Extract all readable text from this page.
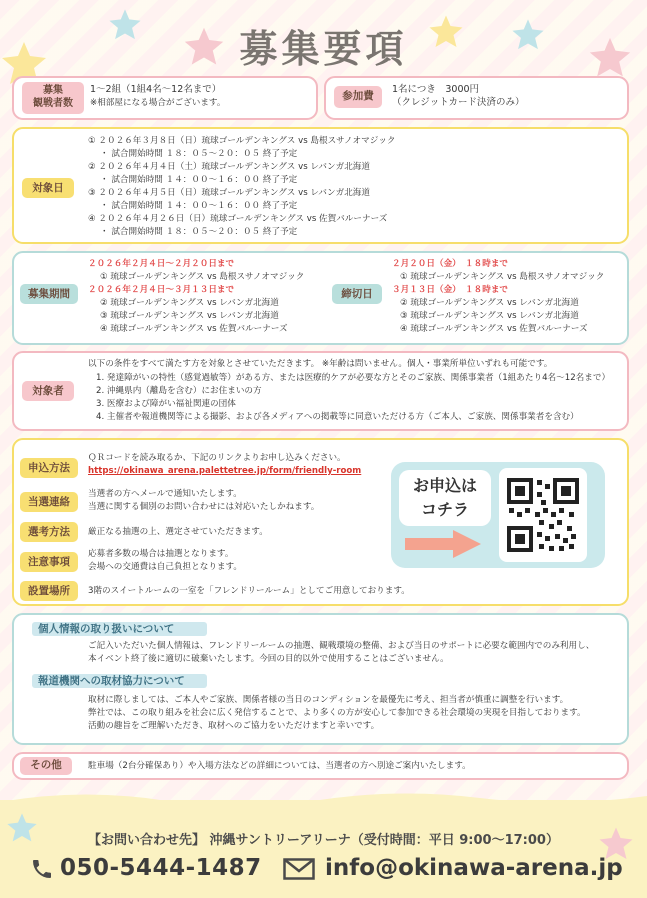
募集要項
募集
観戦者数
1～2組（1組4名～12名まで）
※相部屋になる場合がございます。
参加費
1名につき　3000円
（クレジットカード決済のみ）
対象日
① ２０２６年３月８日（日）琉球ゴールデンキングス vs 島根スサノオマジック
・ 試合開始時間 １８：０５～２０：０５ 終了予定
② ２０２６年４月４日（土）琉球ゴールデンキングス vs レバンガ北海道
・ 試合開始時間 １４：００～１６：００ 終了予定
③ ２０２６年４月５日（日）琉球ゴールデンキングス vs レバンガ北海道
・ 試合開始時間 １４：００～１６：００ 終了予定
④ ２０２６年４月２６日（日）琉球ゴールデンキングス vs 佐賀バルーナーズ
・ 試合開始時間 １８：０５～２０：０５ 終了予定
募集期間
２０２６年２月４日～２月２０日まで
① 琉球ゴールデンキングス vs 島根スサノオマジック
２０２６年２月４日～３月１３日まで
② 琉球ゴールデンキングス vs レバンガ北海道
③ 琉球ゴールデンキングス vs レバンガ北海道
④ 琉球ゴールデンキングス vs 佐賀バルーナーズ
締切日
２月２０日（金）　１８時まで
① 琉球ゴールデンキングス vs 島根スサノオマジック
３月１３日（金）　１８時まで
② 琉球ゴールデンキングス vs レバンガ北海道
③ 琉球ゴールデンキングス vs レバンガ北海道
④ 琉球ゴールデンキングス vs 佐賀バルーナーズ
対象者
以下の条件をすべて満たす方を対象とさせていただきます。 ※年齢は問いません。個人・事業所単位いずれも可能です。
1. 発達障がいの特性（感覚過敏等）がある方、または医療的ケアが必要な方とそのご家族、関係事業者（1組あたり4名～12名まで）
2. 沖縄県内（離島を含む）にお住まいの方
3. 医療および障がい福祉関連の団体
4. 主催者や報道機関等による撮影、および各メディアへの掲載等に同意いただける方（ご本人、ご家族、関係事業者を含む）
申込方法
ＱＲコードを読み取るか、下記のリンクよりお申し込みください。
https://okinawa_arena.palettetree.jp/form/friendly-room
当選連絡
当選者の方へメールで通知いたします。
当選に関する個別のお問い合わせには対応いたしかねます。
選考方法	厳正なる抽選の上、選定させていただきます。
注意事項
応募者多数の場合は抽選となります。
会場への交通費は自己負担となります。
設置場所	3階のスイートルームの一室を「フレンドリールーム」としてご用意しております。
お申込は
コチラ
個人情報の取り扱いについて
ご記入いただいた個人情報は、フレンドリールームの抽選、観戦環境の整備、および当日のサポートに必要な範囲内でのみ利用し、
本イベント終了後に適切に破棄いたします。今回の目的以外で使用することはございません。
報道機関への取材協力について
取材に際しましては、ご本人やご家族、関係者様の当日のコンディションを最優先に考え、担当者が慎重に調整を行います。
弊社では、この取り組みを社会に広く発信することで、より多くの方が安心して参加できる社会環境の実現を目指しております。
活動の趣旨をご理解いただき、取材へのご協力をいただけますと幸いです。
その他	駐車場（2台分確保あり）や入場方法などの詳細については、当選者の方へ別途ご案内いたします。
【お問い合わせ先】 沖縄サントリーアリーナ（受付時間：平日 9:00～17:00）
050-5444-1487	info@okinawa-arena.jp
